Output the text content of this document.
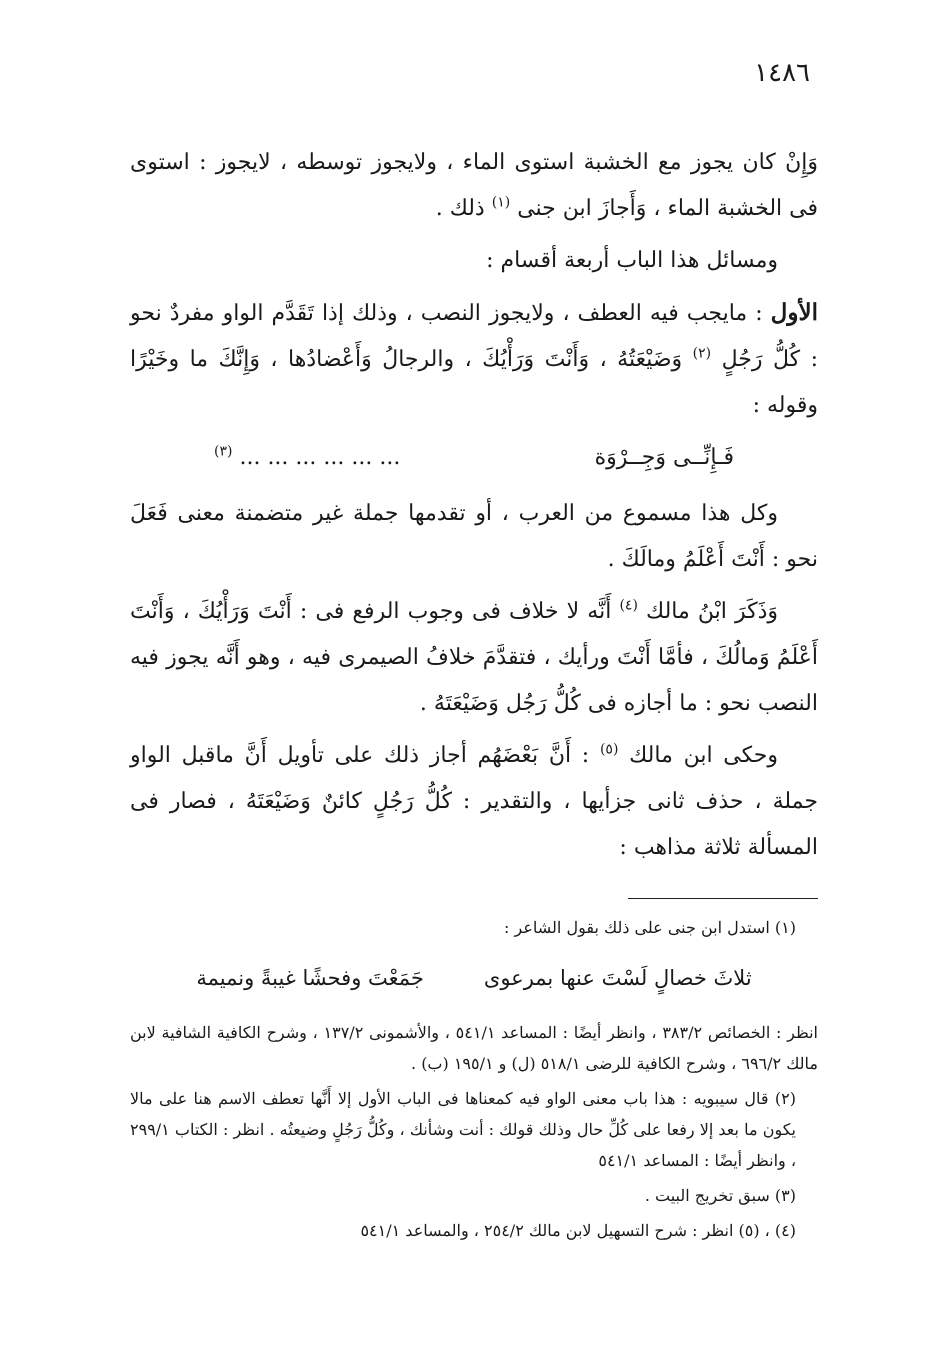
١٤٨٦

وَإِنْ كان يجوز مع الخشبة استوى الماء ، ولايجوز توسطه ، لايجوز : استوى فى الخشبة الماء ، وَأَجازَ ابن جنى $^{(١)}$ ذلك .

ومسائل هذا الباب أربعة أقسام :

الأول : مايجب فيه العطف ، ولايجوز النصب ، وذلك إذا تَقَدَّم الواو مفردٌ نحو : كُلُّ رَجُلٍ $^{(٢)}$ وَضَيْعَتُهُ ، وَأَنْتَ وَرَأْيُكَ ، والرجالُ وَأَعْضادُها ، وَإِنَّكَ ما وخَيْرًا وقوله :

فَـإِنِّــى وَجِــرْوَة
... ... ... ... ... ... $^{(٣)}$

وكل هذا مسموع من العرب ، أو تقدمها جملة غير متضمنة معنى فَعَلَ نحو : أَنْتَ أَعْلَمُ ومالَكَ .

وَذَكَرَ ابْنُ مالك $^{(٤)}$ أَنَّه لا خلاف فى وجوب الرفع فى : أَنْتَ وَرَأْيُكَ ، وَأَنْتَ أَعْلَمُ وَمالُكَ ، فأمَّا أَنْتَ ورأيك ، فتقدَّمَ خلافُ الصيمرى فيه ، وهو أَنَّه يجوز فيه النصب نحو : ما أجازه فى كُلُّ رَجُل وَضَيْعَتَهُ .

وحكى ابن مالك $^{(٥)}$ : أَنَّ بَعْضَهُم أجاز ذلك على تأويل أَنَّ ماقبل الواو جملة ، حذف ثانى جزأيها ، والتقدير : كُلُّ رَجُلٍ كائنٌ وَضَيْعَتَهُ ، فصار فى المسألة ثلاثة مذاهب :

(١) استدل ابن جنى على ذلك بقول الشاعر :

ثلاثَ خصالٍ لَسْتَ عنها بمرعوى
جَمَعْتَ وفحشًا غيبةً ونميمة

انظر : الخصائص ٣٨٣/٢ ، وانظر أيضًا : المساعد ٥٤١/١ ، والأشمونى ١٣٧/٢ ، وشرح الكافية الشافية لابن مالك ٦٩٦/٢ ، وشرح الكافية للرضى ٥١٨/١ (ل) و ١٩٥/١ (ب) .

(٢) قال سيبويه : هذا باب معنى الواو فيه كمعناها فى الباب الأول إلا أَنَّها تعطف الاسم هنا على مالا يكون ما بعد إلا رفعا على كُلِّ حال وذلك قولك : أنت وشأنك ، وكُلُّ رَجُلٍ وضيعتُه . انظر : الكتاب ٢٩٩/١ ، وانظر أيضًا : المساعد ٥٤١/١

(٣) سبق تخريج البيت .

(٤) ، (٥) انظر : شرح التسهيل لابن مالك ٢٥٤/٢ ، والمساعد ٥٤١/١
